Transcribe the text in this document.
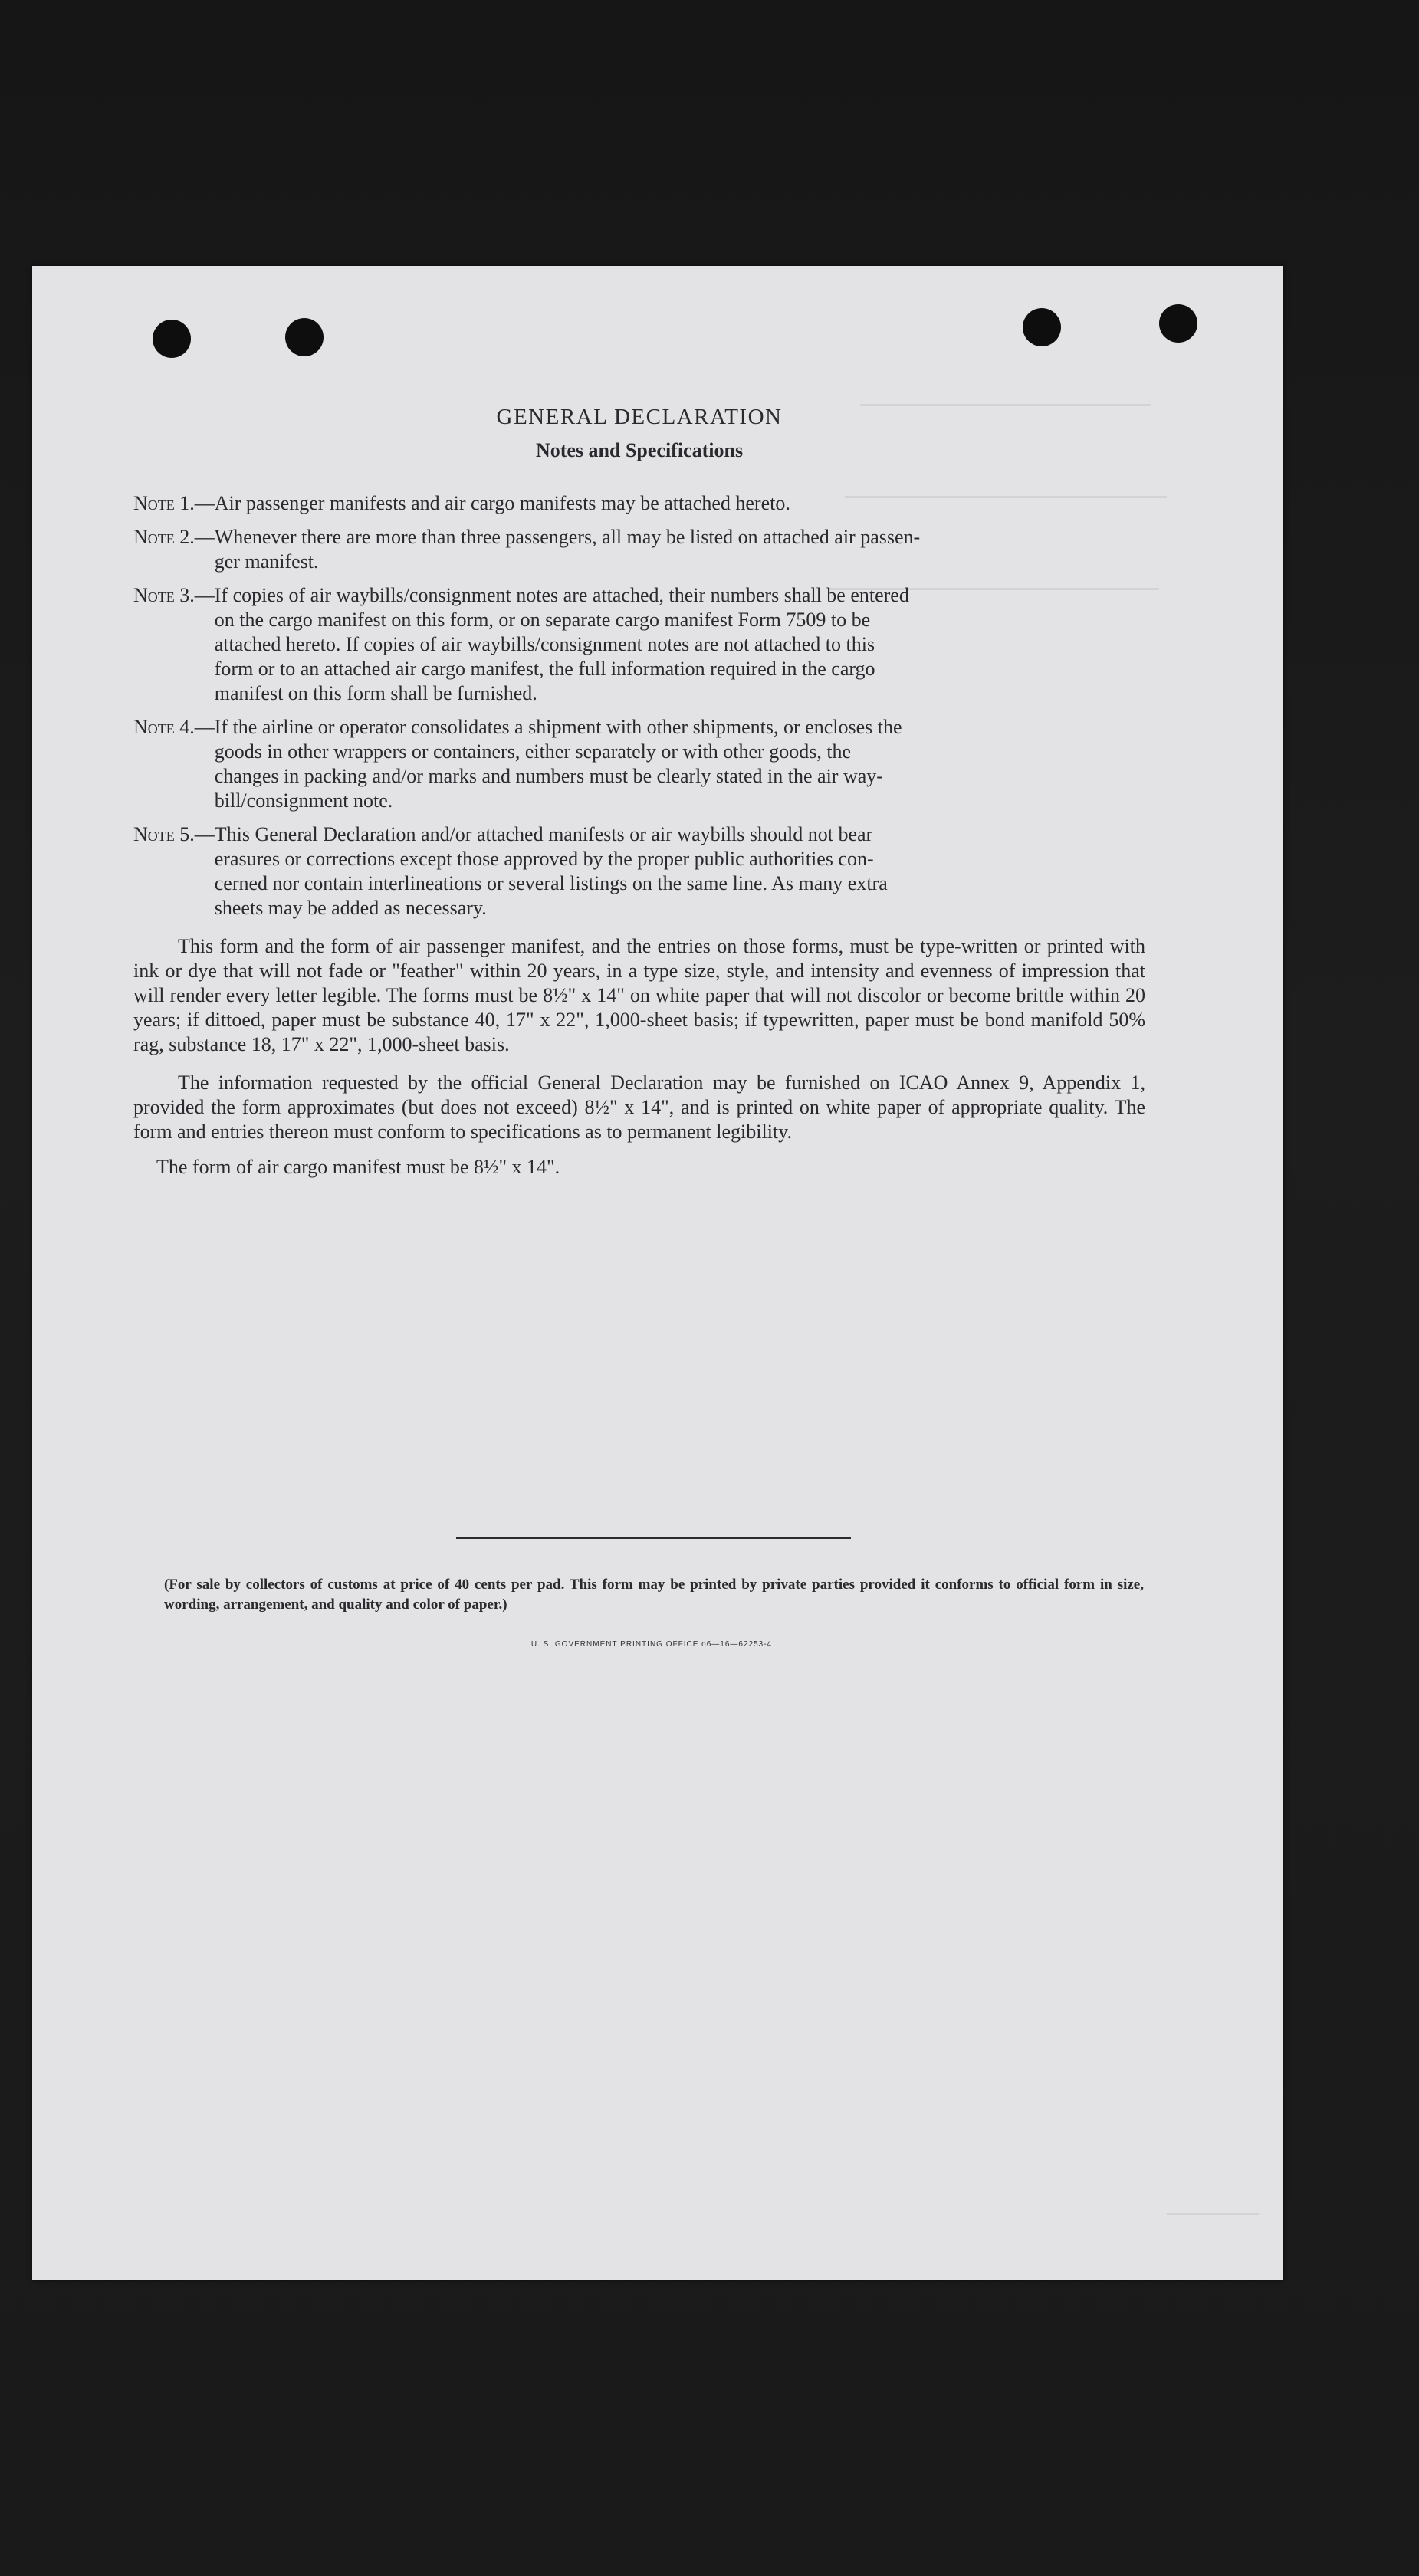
GENERAL DECLARATION
Notes and Specifications
Note 1.— Air passenger manifests and air cargo manifests may be attached hereto.
Note 2.— Whenever there are more than three passengers, all may be listed on attached air passen-
ger manifest.
Note 3.— If copies of air waybills/consignment notes are attached, their numbers shall be entered
on the cargo manifest on this form, or on separate cargo manifest Form 7509 to be
attached hereto. If copies of air waybills/consignment notes are not attached to this
form or to an attached air cargo manifest, the full information required in the cargo
manifest on this form shall be furnished.
Note 4.— If the airline or operator consolidates a shipment with other shipments, or encloses the
goods in other wrappers or containers, either separately or with other goods, the
changes in packing and/or marks and numbers must be clearly stated in the air way-
bill/consignment note.
Note 5.— This General Declaration and/or attached manifests or air waybills should not bear
erasures or corrections except those approved by the proper public authorities con-
cerned nor contain interlineations or several listings on the same line. As many extra
sheets may be added as necessary.

This form and the form of air passenger manifest, and the entries on those forms, must be type-written or printed with ink or dye that will not fade or "feather" within 20 years, in a type size, style, and intensity and evenness of impression that will render every letter legible. The forms must be 8½" x 14" on white paper that will not discolor or become brittle within 20 years; if dittoed, paper must be substance 40, 17" x 22", 1,000-sheet basis; if typewritten, paper must be bond manifold 50% rag, substance 18, 17" x 22", 1,000-sheet basis.

The information requested by the official General Declaration may be furnished on ICAO Annex 9, Appendix 1, provided the form approximates (but does not exceed) 8½" x 14", and is printed on white paper of appropriate quality. The form and entries thereon must conform to specifications as to permanent legibility.

The form of air cargo manifest must be 8½" x 14".

(For sale by collectors of customs at price of 40 cents per pad. This form may be printed by private parties provided it conforms to official form in size, wording, arrangement, and quality and color of paper.)
U. S. GOVERNMENT PRINTING OFFICE o6—16—62253-4
